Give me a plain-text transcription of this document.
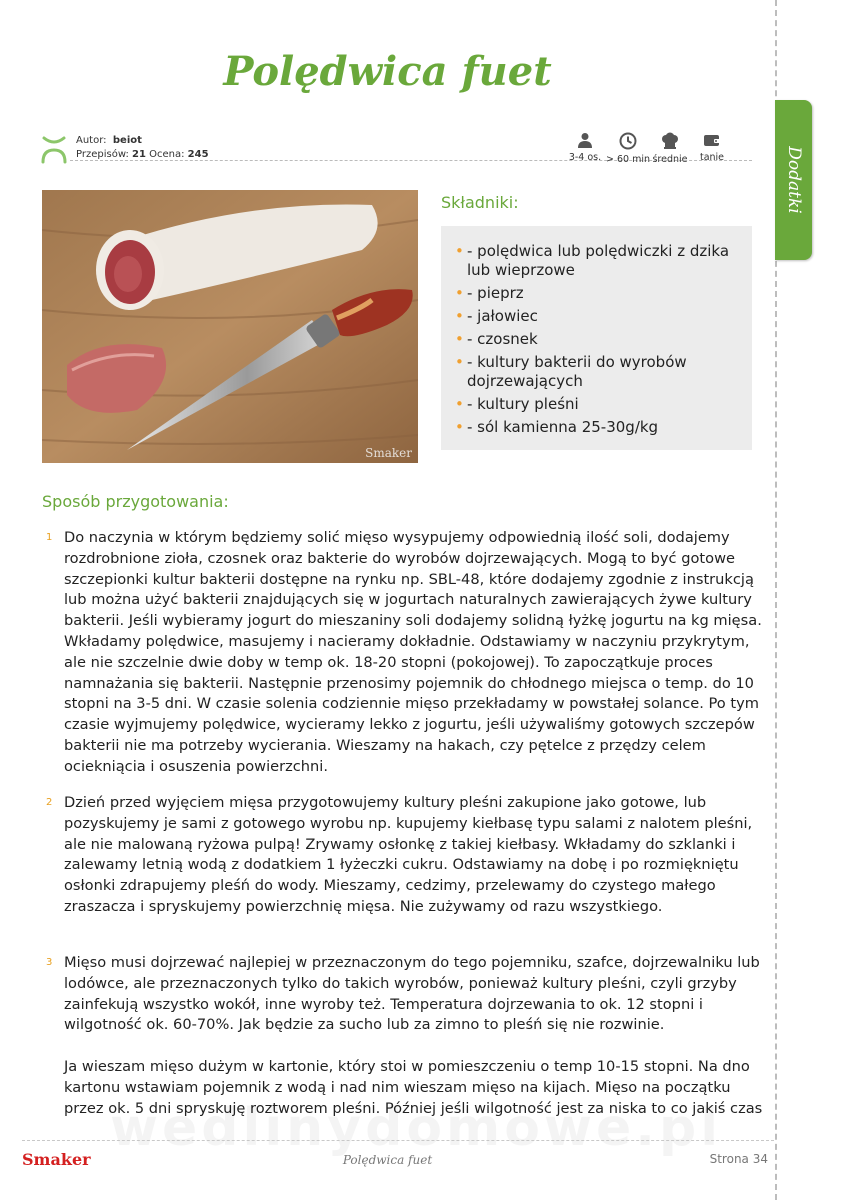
Dodatki
Polędwica fuet
Autor: beiot
Przepisów: 21 Ocena: 245	3-4 os. > 60 min średnie	tanie
Smaker
Składniki:
• - polędwica lub polędwiczki z dzika lub wieprzowe
• - pieprz
• - jałowiec
• - czosnek
• - kultury bakterii do wyrobów dojrzewających
• - kultury pleśni
• - sól kamienna 25-30g/kg
Sposób przygotowania:
1 Do naczynia w którym będziemy solić mięso wysypujemy odpowiednią ilość soli, dodajemy rozdrobnione zioła, czosnek oraz bakterie do wyrobów dojrzewających. Mogą to być gotowe szczepionki kultur bakterii dostępne na rynku np. SBL-48, które dodajemy zgodnie z instrukcją lub można użyć bakterii znajdujących się w jogurtach naturalnych zawierających żywe kultury bakterii. Jeśli wybieramy jogurt do mieszaniny soli dodajemy solidną łyżkę jogurtu na kg mięsa. Wkładamy polędwice, masujemy i nacieramy dokładnie. Odstawiamy w naczyniu przykrytym, ale nie szczelnie dwie doby w temp ok. 18-20 stopni (pokojowej). To zapoczątkuje proces namnażania się bakterii. Następnie przenosimy pojemnik do chłodnego miejsca o temp. do 10 stopni na 3-5 dni. W czasie solenia codziennie mięso przekładamy w powstałej solance. Po tym czasie wyjmujemy polędwice, wycieramy lekko z jogurtu, jeśli używaliśmy gotowych szczepów bakterii nie ma potrzeby wycierania. Wieszamy na hakach, czy pętelce z przędzy celem ociekniącia i osuszenia powierzchni.

2 Dzień przed wyjęciem mięsa przygotowujemy kultury pleśni zakupione jako gotowe, lub pozyskujemy je sami z gotowego wyrobu np. kupujemy kiełbasę typu salami z nalotem pleśni, ale nie malowaną ryżowa pulpą! Zrywamy osłonkę z takiej kiełbasy. Wkładamy do szklanki i zalewamy letnią wodą z dodatkiem 1 łyżeczki cukru. Odstawiamy na dobę i po rozmiękniętu osłonki zdrapujemy pleśń do wody. Mieszamy, cedzimy, przelewamy do czystego małego zraszacza i spryskujemy powierzchnię mięsa. Nie zużywamy od razu wszystkiego.

3 Mięso musi dojrzewać najlepiej w przeznaczonym do tego pojemniku, szafce, dojrzewalniku lub lodówce, ale przeznaczonych tylko do takich wyrobów, ponieważ kultury pleśni, czyli grzyby zainfekują wszystko wokół, inne wyroby też. Temperatura dojrzewania to ok. 12 stopni i wilgotność ok. 60-70%. Jak będzie za sucho lub za zimno to pleśń się nie rozwinie.

Ja wieszam mięso dużym w kartonie, który stoi w pomieszczeniu o temp 10-15 stopni. Na dno kartonu wstawiam pojemnik z wodą i nad nim wieszam mięso na kijach. Mięso na początku przez ok. 5 dni spryskuję roztworem pleśni. Później jeśli wilgotność jest za niska to co jakiś czas

Smaker	Polędwica fuet	Strona 34
